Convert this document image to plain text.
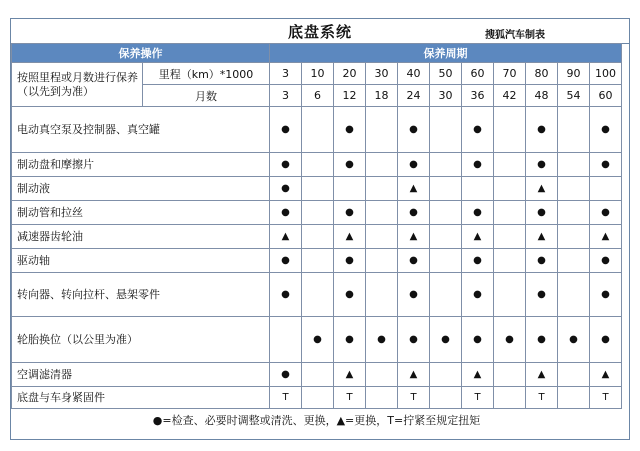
底盘系统	搜狐汽车制表
保养操作		保养周期										
按照里程或月数进行保养（以先到为准）	里程（km）*1000	3	10	20	30	40	50	60	70	80	90	100
	月数	3	6	12	18	24	30	36	42	48	54	60
电动真空泵及控制器、真空罐		●		●		●		●		●		●
制动盘和摩擦片		●		●		●		●		●		●
制动液		●				▲				▲		
制动管和拉丝		●		●		●		●		●		●
减速器齿轮油		▲		▲		▲		▲		▲		▲
驱动轴		●		●		●		●		●		●
转向器、转向拉杆、悬架零件		●		●		●		●		●		●
轮胎换位（以公里为准）			●	●	●	●	●	●	●	●	●	●
空调滤清器		●		▲		▲		▲		▲		▲
底盘与车身紧固件		T		T		T		T		T		T
●=检查、必要时调整或清洗、更换，▲=更换，T=拧紧至规定扭矩												
